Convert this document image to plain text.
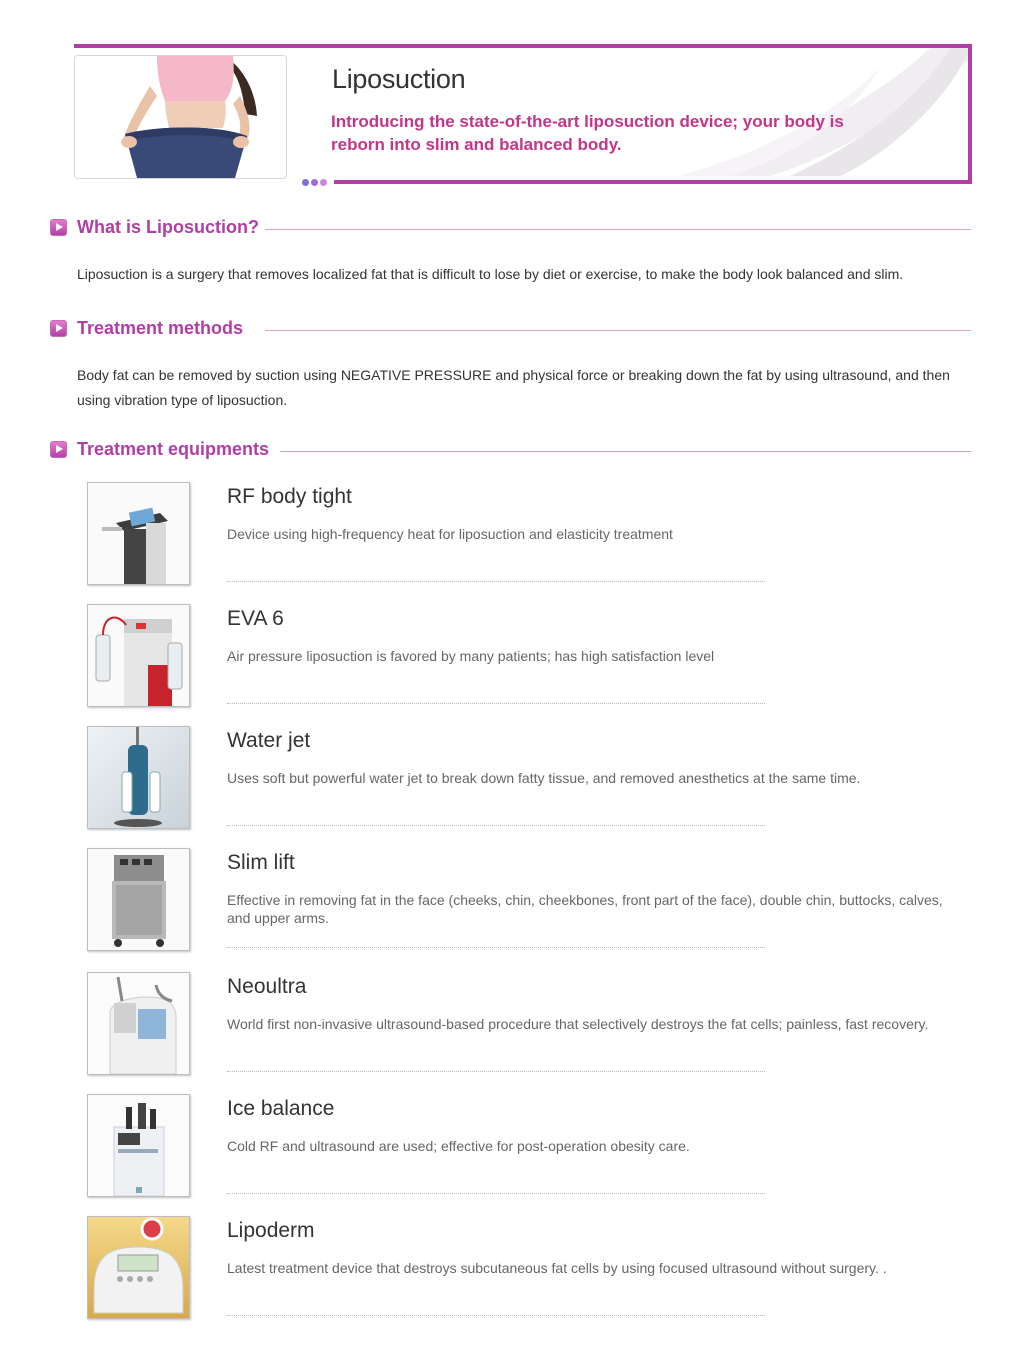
Liposuction
Introducing the state-of-the-art liposuction device; your body is reborn into slim and balanced body.
What is Liposuction?
Liposuction is a surgery that removes localized fat that is difficult to lose by diet or exercise, to make the body look balanced and slim.
Treatment methods
Body fat can be removed by suction using NEGATIVE PRESSURE and physical force or breaking down the fat by using ultrasound, and then using vibration type of liposuction.
Treatment equipments
RF body tight
Device using high-frequency heat for liposuction and elasticity treatment
EVA 6
Air pressure liposuction is favored by many patients; has high satisfaction level
Water jet
Uses soft but powerful water jet to break down fatty tissue, and removed anesthetics at the same time.
Slim lift
Effective in removing fat in the face (cheeks, chin, cheekbones, front part of the face), double chin, buttocks, calves, and upper arms.
Neoultra
World first non-invasive ultrasound-based procedure that selectively destroys the fat cells; painless, fast recovery.
Ice balance
Cold RF and ultrasound are used; effective for post-operation obesity care.
Lipoderm
Latest treatment device that destroys subcutaneous fat cells by using focused ultrasound without surgery. .
